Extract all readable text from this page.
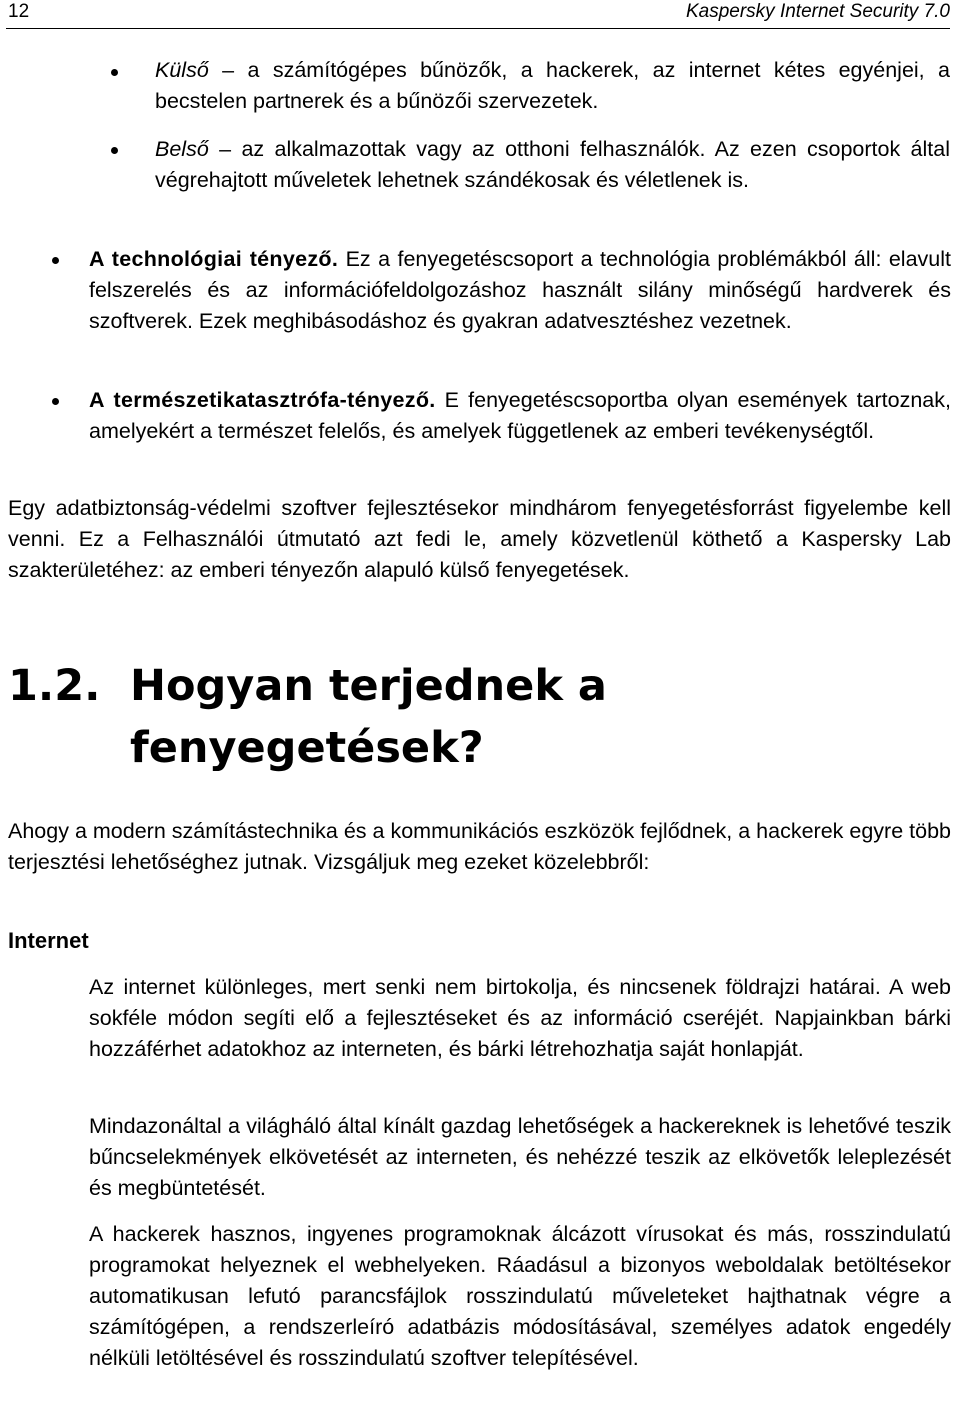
12	Kaspersky Internet Security 7.0

Külső – a számítógépes bűnözők, a hackerek, az internet kétes egyénjei, a becstelen partnerek és a bűnözői szervezetek.

Belső – az alkalmazottak vagy az otthoni felhasználók. Az ezen csoportok által végrehajtott műveletek lehetnek szándékosak és véletlenek is.

A technológiai tényező. Ez a fenyegetéscsoport a technológia problémákból áll: elavult felszerelés és az információfeldolgozáshoz használt silány minőségű hardverek és szoftverek. Ezek meghibásodáshoz és gyakran adatvesztéshez vezetnek.

A természetikatasztrófa-tényező. E fenyegetéscsoportba olyan események tartoznak, amelyekért a természet felelős, és amelyek függetlenek az emberi tevékenységtől.

Egy adatbiztonság-védelmi szoftver fejlesztésekor mindhárom fenyegetésforrást figyelembe kell venni. Ez a Felhasználói útmutató azt fedi le, amely közvetlenül köthető a Kaspersky Lab szakterületéhez: az emberi tényezőn alapuló külső fenyegetések.

1.2. Hogyan terjednek a
fenyegetések?

Ahogy a modern számítástechnika és a kommunikációs eszközök fejlődnek, a hackerek egyre több terjesztési lehetőséghez jutnak. Vizsgáljuk meg ezeket közelebbről:

Internet

Az internet különleges, mert senki nem birtokolja, és nincsenek földrajzi határai. A web sokféle módon segíti elő a fejlesztéseket és az információ cseréjét. Napjainkban bárki hozzáférhet adatokhoz az interneten, és bárki létrehozhatja saját honlapját.

Mindazonáltal a világháló által kínált gazdag lehetőségek a hackereknek is lehetővé teszik bűncselekmények elkövetését az interneten, és nehézzé teszik az elkövetők leleplezését és megbüntetését.

A hackerek hasznos, ingyenes programoknak álcázott vírusokat és más, rosszindulatú programokat helyeznek el webhelyeken. Ráadásul a bizonyos weboldalak betöltésekor automatikusan lefutó parancsfájlok rosszindulatú műveleteket hajthatnak végre a számítógépen, a rendszerleíró adatbázis módosításával, személyes adatok engedély nélküli letöltésével és rosszindulatú szoftver telepítésével.
